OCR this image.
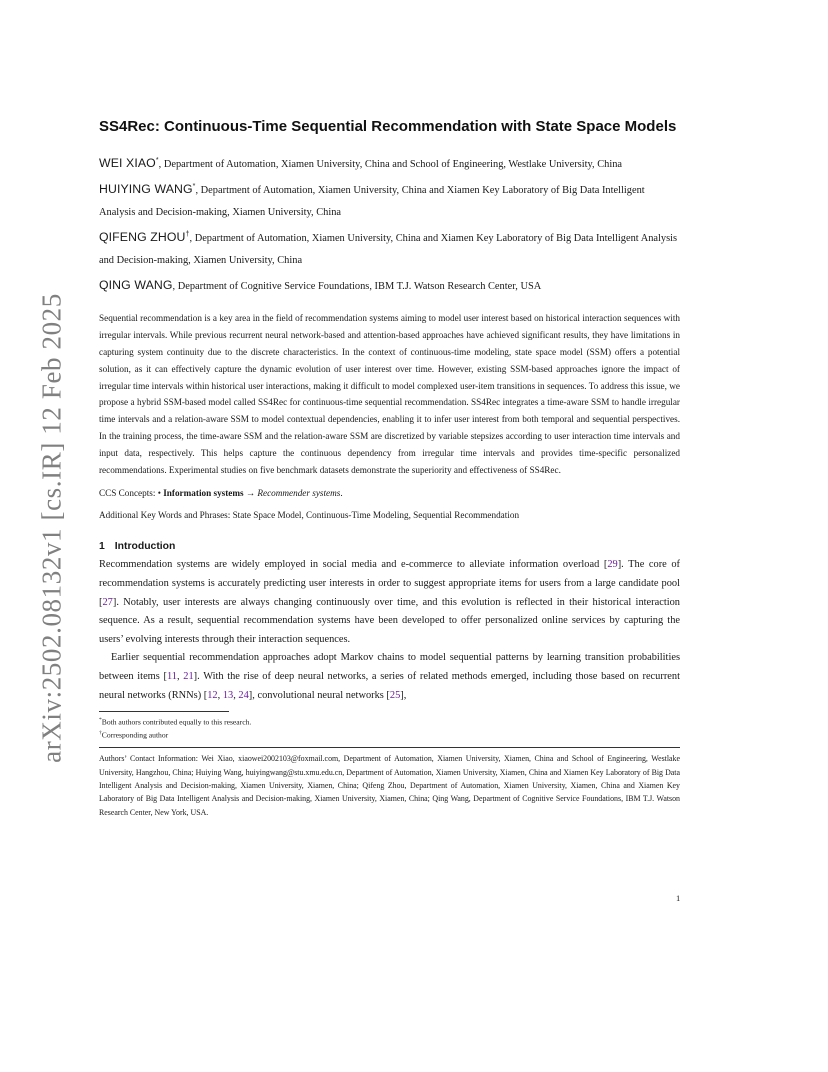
arXiv:2502.08132v1 [cs.IR] 12 Feb 2025
SS4Rec: Continuous-Time Sequential Recommendation with State Space Models

WEI XIAO*, Department of Automation, Xiamen University, China and School of Engineering, Westlake University, China

HUIYING WANG*, Department of Automation, Xiamen University, China and Xiamen Key Laboratory of Big Data Intelligent Analysis and Decision-making, Xiamen University, China

QIFENG ZHOU†, Department of Automation, Xiamen University, China and Xiamen Key Laboratory of Big Data Intelligent Analysis and Decision-making, Xiamen University, China

QING WANG, Department of Cognitive Service Foundations, IBM T.J. Watson Research Center, USA

Sequential recommendation is a key area in the field of recommendation systems aiming to model user interest based on historical interaction sequences with irregular intervals. While previous recurrent neural network-based and attention-based approaches have achieved significant results, they have limitations in capturing system continuity due to the discrete characteristics. In the context of continuous-time modeling, state space model (SSM) offers a potential solution, as it can effectively capture the dynamic evolution of user interest over time. However, existing SSM-based approaches ignore the impact of irregular time intervals within historical user interactions, making it difficult to model complexed user-item transitions in sequences. To address this issue, we propose a hybrid SSM-based model called SS4Rec for continuous-time sequential recommendation. SS4Rec integrates a time-aware SSM to handle irregular time intervals and a relation-aware SSM to model contextual dependencies, enabling it to infer user interest from both temporal and sequential perspectives. In the training process, the time-aware SSM and the relation-aware SSM are discretized by variable stepsizes according to user interaction time intervals and input data, respectively. This helps capture the continuous dependency from irregular time intervals and provides time-specific personalized recommendations. Experimental studies on five benchmark datasets demonstrate the superiority and effectiveness of SS4Rec.

CCS Concepts: • Information systems → Recommender systems.

Additional Key Words and Phrases: State Space Model, Continuous-Time Modeling, Sequential Recommendation

1 Introduction

Recommendation systems are widely employed in social media and e-commerce to alleviate information overload [29]. The core of recommendation systems is accurately predicting user interests in order to suggest appropriate items for users from a large candidate pool [27]. Notably, user interests are always changing continuously over time, and this evolution is reflected in their historical interaction sequence. As a result, sequential recommendation systems have been developed to offer personalized online services by capturing the users’ evolving interests through their interaction sequences.

Earlier sequential recommendation approaches adopt Markov chains to model sequential patterns by learning transition probabilities between items [11, 21]. With the rise of deep neural networks, a series of related methods emerged, including those based on recurrent neural networks (RNNs) [12, 13, 24], convolutional neural networks [25],

*Both authors contributed equally to this research.
†Corresponding author
Authors’ Contact Information: Wei Xiao, xiaowei2002103@foxmail.com, Department of Automation, Xiamen University, Xiamen, China and School of Engineering, Westlake University, Hangzhou, China; Huiying Wang, huiyingwang@stu.xmu.edu.cn, Department of Automation, Xiamen University, Xiamen, China and Xiamen Key Laboratory of Big Data Intelligent Analysis and Decision-making, Xiamen University, Xiamen, China; Qifeng Zhou, Department of Automation, Xiamen University, Xiamen, China and Xiamen Key Laboratory of Big Data Intelligent Analysis and Decision-making, Xiamen University, Xiamen, China; Qing Wang, Department of Cognitive Service Foundations, IBM T.J. Watson Research Center, New York, USA.
1
